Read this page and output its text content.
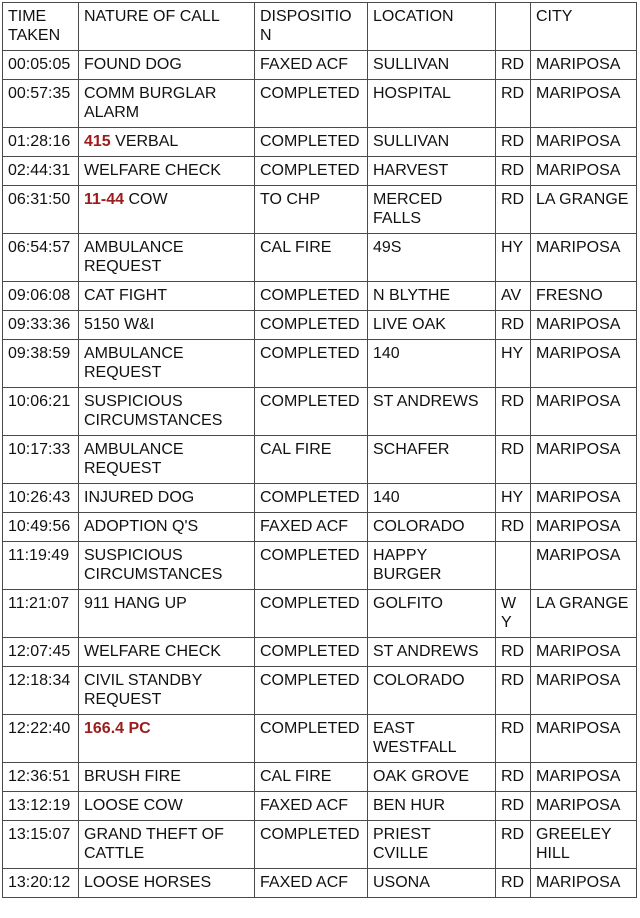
TIME TAKEN	NATURE OF CALL	DISPOSITION	LOCATION		CITY
00:05:05	FOUND DOG	FAXED ACF	SULLIVAN	RD	MARIPOSA
00:57:35	COMM BURGLAR ALARM	COMPLETED	HOSPITAL	RD	MARIPOSA
01:28:16	415 VERBAL	COMPLETED	SULLIVAN	RD	MARIPOSA
02:44:31	WELFARE CHECK	COMPLETED	HARVEST	RD	MARIPOSA
06:31:50	11-44 COW	TO CHP	MERCED FALLS	RD	LA GRANGE
06:54:57	AMBULANCE REQUEST	CAL FIRE	49S	HY	MARIPOSA
09:06:08	CAT FIGHT	COMPLETED	N BLYTHE	AV	FRESNO
09:33:36	5150 W&I	COMPLETED	LIVE OAK	RD	MARIPOSA
09:38:59	AMBULANCE REQUEST	COMPLETED	140	HY	MARIPOSA
10:06:21	SUSPICIOUS CIRCUMSTANCES	COMPLETED	ST ANDREWS	RD	MARIPOSA
10:17:33	AMBULANCE REQUEST	CAL FIRE	SCHAFER	RD	MARIPOSA
10:26:43	INJURED DOG	COMPLETED	140	HY	MARIPOSA
10:49:56	ADOPTION Q'S	FAXED ACF	COLORADO	RD	MARIPOSA
11:19:49	SUSPICIOUS CIRCUMSTANCES	COMPLETED	HAPPY BURGER		MARIPOSA
11:21:07	911 HANG UP	COMPLETED	GOLFITO	WY	LA GRANGE
12:07:45	WELFARE CHECK	COMPLETED	ST ANDREWS	RD	MARIPOSA
12:18:34	CIVIL STANDBY REQUEST	COMPLETED	COLORADO	RD	MARIPOSA
12:22:40	166.4 PC	COMPLETED	EAST WESTFALL	RD	MARIPOSA
12:36:51	BRUSH FIRE	CAL FIRE	OAK GROVE	RD	MARIPOSA
13:12:19	LOOSE COW	FAXED ACF	BEN HUR	RD	MARIPOSA
13:15:07	GRAND THEFT OF CATTLE	COMPLETED	PRIEST CVILLE	RD	GREELEY HILL
13:20:12	LOOSE HORSES	FAXED ACF	USONA	RD	MARIPOSA
